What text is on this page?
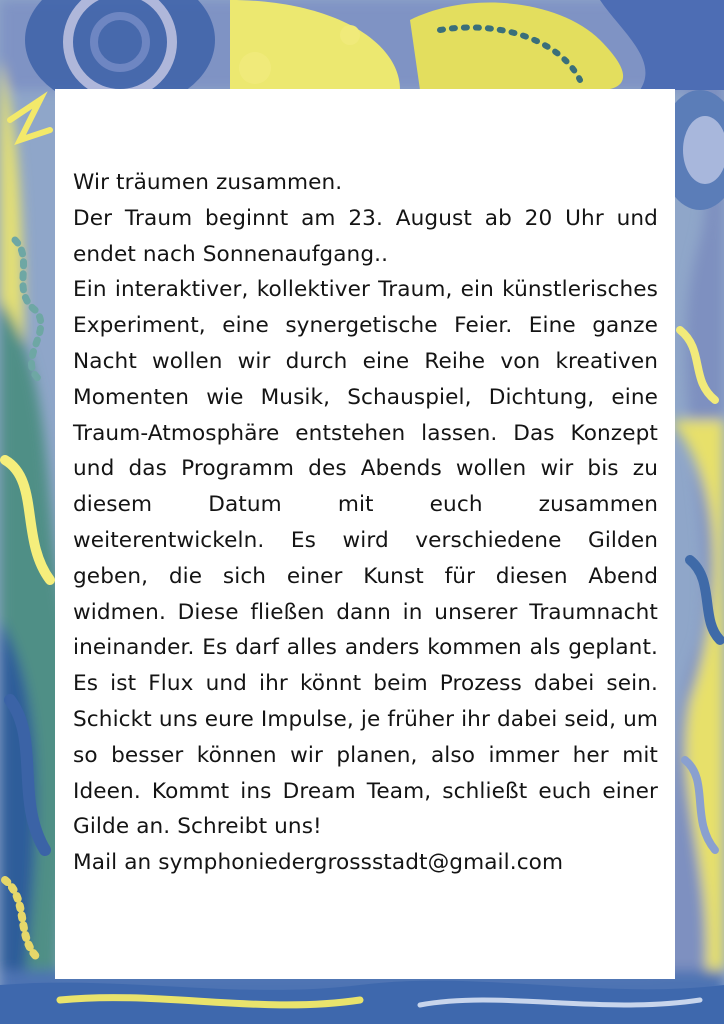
Wir träumen zusammen.

Der Traum beginnt am 23. August ab 20 Uhr und endet nach Sonnenaufgang..

Ein interaktiver, kollektiver Traum, ein künstlerisches Experiment, eine synergetische Feier. Eine ganze Nacht wollen wir durch eine Reihe von kreativen Momenten wie Musik, Schauspiel, Dichtung, eine Traum-Atmosphäre entstehen lassen. Das Konzept und das Programm des Abends wollen wir bis zu diesem Datum mit euch zusammen weiterentwickeln. Es wird verschiedene Gilden geben, die sich einer Kunst für diesen Abend widmen. Diese fließen dann in unserer Traumnacht ineinander. Es darf alles anders kommen als geplant. Es ist Flux und ihr könnt beim Prozess dabei sein. Schickt uns eure Impulse, je früher ihr dabei seid, um so besser können wir planen, also immer her mit Ideen. Kommt ins Dream Team, schließt euch einer Gilde an. Schreibt uns!

Mail an symphoniedergrossstadt@gmail.com
